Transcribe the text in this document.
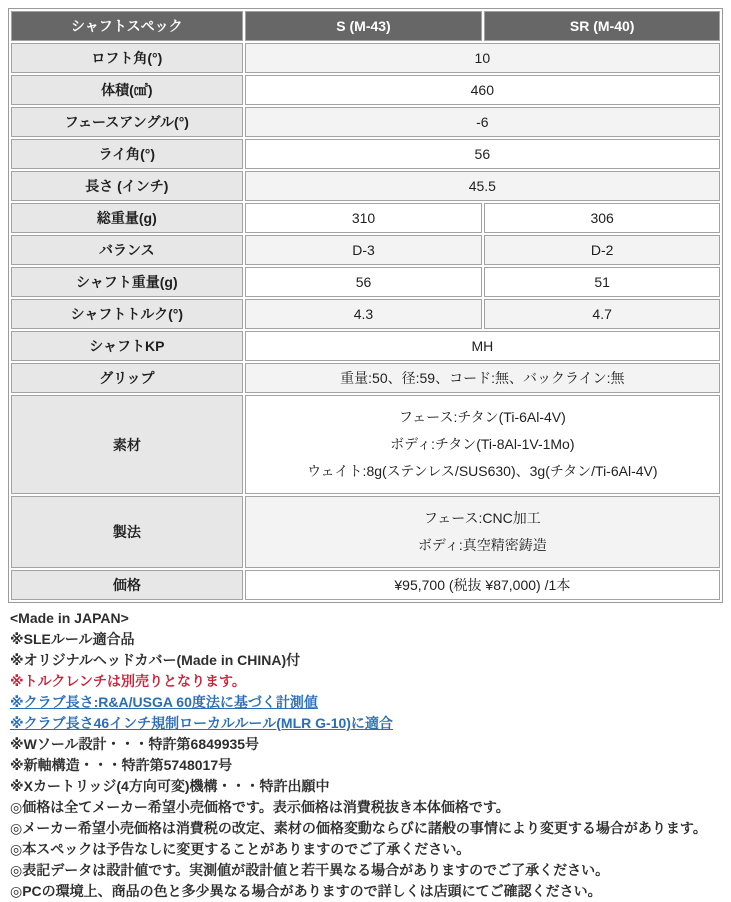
シャフトスペック	S (M-43)	SR (M-40)
ロフト角(°)	10	
体積(㎤)	460	
フェースアングル(°)	-6	
ライ角(°)	56	
長さ (インチ)	45.5	
総重量(g)	310	306
バランス	D-3	D-2
シャフト重量(g)	56	51
シャフトトルク(°)	4.3	4.7
シャフトKP	MH	
グリップ	重量:50、径:59、コード:無、バックライン:無	
素材	フェース:チタン(Ti-6Al-4V)
ボディ:チタン(Ti-8Al-1V-1Mo)
ウェイト:8g(ステンレス/SUS630)、3g(チタン/Ti-6Al-4V)	

製法	フェース:CNC加工
ボディ:真空精密鋳造	

価格	¥95,700 (税抜 ¥87,000) /1本	
<Made in JAPAN>
※SLEルール適合品
※オリジナルヘッドカバー(Made in CHINA)付
※トルクレンチは別売りとなります。
※クラブ長さ:R&A/USGA 60度法に基づく計測値
※クラブ長さ46インチ規制ローカルルール(MLR G-10)に適合
※Wソール設計・・・特許第6849935号
※新軸構造・・・特許第5748017号
※Xカートリッジ(4方向可変)機構・・・特許出願中
◎価格は全てメーカー希望小売価格です。表示価格は消費税抜き本体価格です。
◎メーカー希望小売価格は消費税の改定、素材の価格変動ならびに諸般の事情により変更する場合があります。
◎本スペックは予告なしに変更することがありますのでご了承ください。
◎表記データは設計値です。実測値が設計値と若干異なる場合がありますのでご了承ください。
◎PCの環境上、商品の色と多少異なる場合がありますので詳しくは店頭にてご確認ください。
